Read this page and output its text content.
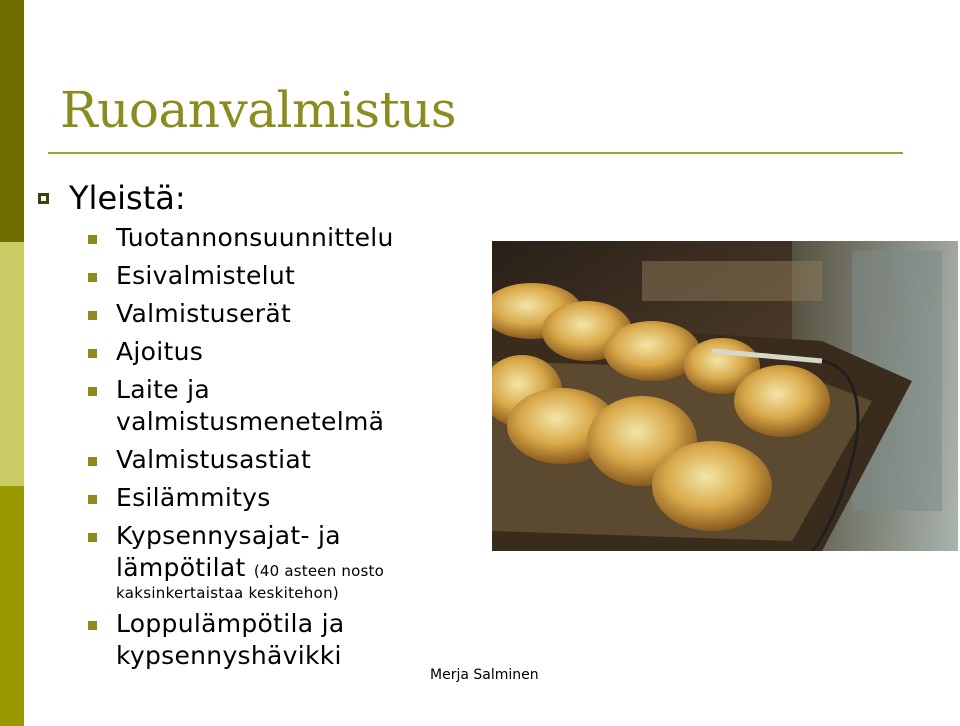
Ruoanvalmistus
Yleistä:
Tuotannonsuunnittelu
Esivalmistelut
Valmistuserät
Ajoitus
Laite ja valmistusmenetelmä
Valmistusastiat
Esilämmitys
Kypsennysajat- ja lämpötilat (40 asteen nosto
kaksinkertaistaa keskitehon)
Loppulämpötila ja kypsennyshävikki
Merja Salminen
